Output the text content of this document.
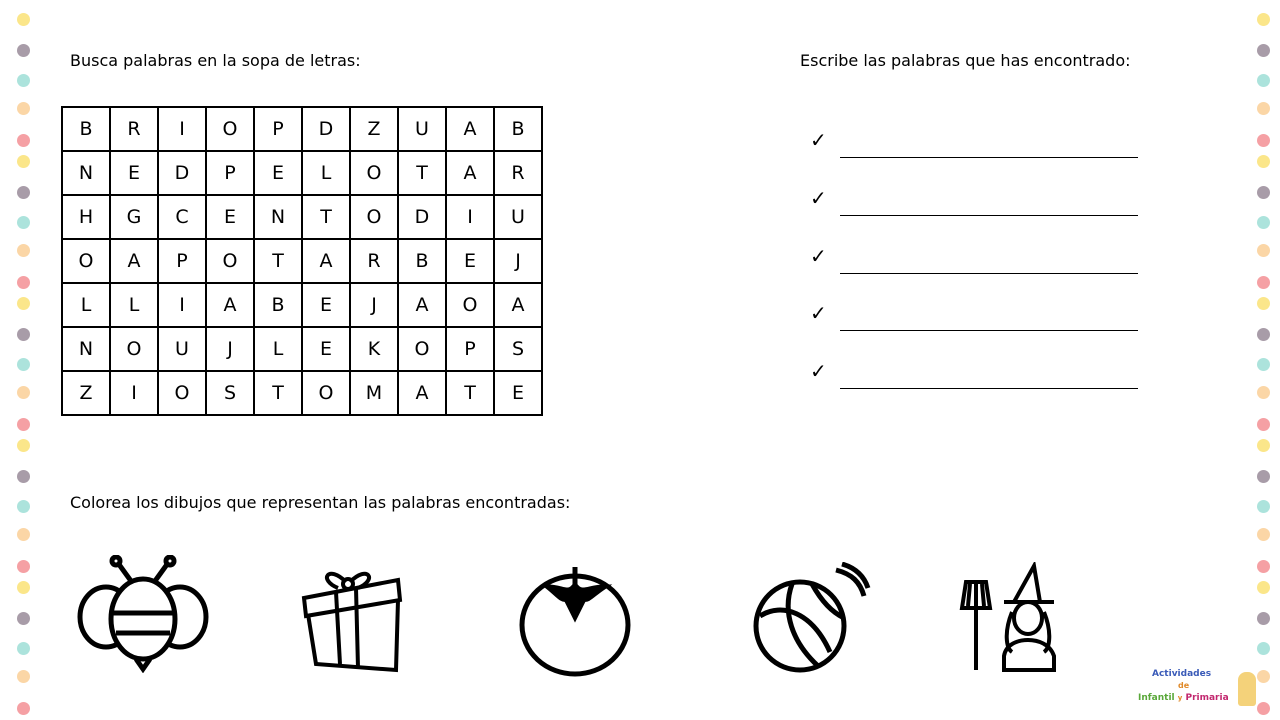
Busca palabras en la sopa de letras:	Escribe las palabras que has encontrado:
Colorea los dibujos que representan las palabras encontradas:
B	R	I	O	P	D	Z	U	A	B
N	E	D	P	E	L	O	T	A	R
H	G	C	E	N	T	O	D	I	U
O	A	P	O	T	A	R	B	E	J
L	L	I	A	B	E	J	A	O	A
N	O	U	J	L	E	K	O	P	S
Z	I	O	S	T	O	M	A	T	E
✓
✓
✓
✓
✓
Actividades
de
Infantil y Primaria
